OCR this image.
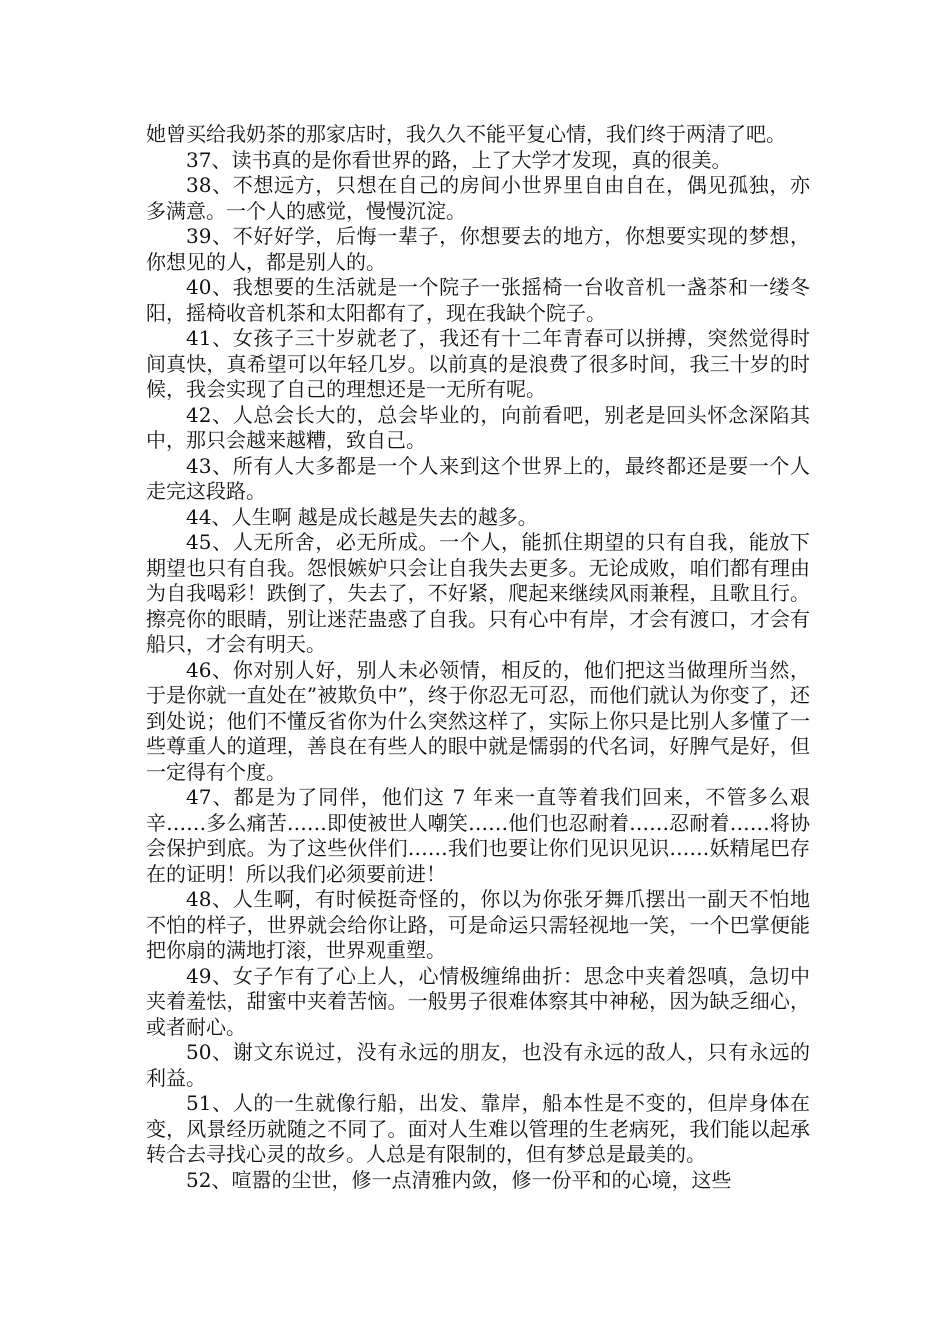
她曾买给我奶茶的那家店时，我久久不能平复心情，我们终于两清了吧。

37、读书真的是你看世界的路，上了大学才发现，真的很美。

38、不想远方，只想在自己的房间小世界里自由自在，偶见孤独，亦多满意。一个人的感觉，慢慢沉淀。

39、不好好学，后悔一辈子，你想要去的地方，你想要实现的梦想，你想见的人，都是别人的。

40、我想要的生活就是一个院子一张摇椅一台收音机一盏茶和一缕冬阳，摇椅收音机茶和太阳都有了，现在我缺个院子。

41、女孩子三十岁就老了，我还有十二年青春可以拼搏，突然觉得时间真快，真希望可以年轻几岁。以前真的是浪费了很多时间，我三十岁的时候，我会实现了自己的理想还是一无所有呢。

42、人总会长大的，总会毕业的，向前看吧，别老是回头怀念深陷其中，那只会越来越糟，致自己。

43、所有人大多都是一个人来到这个世界上的，最终都还是要一个人走完这段路。

44、人生啊 越是成长越是失去的越多。

45、人无所舍，必无所成。一个人，能抓住期望的只有自我，能放下期望也只有自我。怨恨嫉妒只会让自我失去更多。无论成败，咱们都有理由为自我喝彩！跌倒了，失去了，不好紧，爬起来继续风雨兼程，且歌且行。擦亮你的眼睛，别让迷茫蛊惑了自我。只有心中有岸，才会有渡口，才会有船只，才会有明天。

46、你对别人好，别人未必领情，相反的，他们把这当做理所当然，于是你就一直处在”被欺负中”，终于你忍无可忍，而他们就认为你变了，还到处说；他们不懂反省你为什么突然这样了，实际上你只是比别人多懂了一些尊重人的道理，善良在有些人的眼中就是懦弱的代名词，好脾气是好，但一定得有个度。

47、都是为了同伴，他们这 7 年来一直等着我们回来，不管多么艰辛……多么痛苦……即使被世人嘲笑……他们也忍耐着……忍耐着……将协会保护到底。为了这些伙伴们……我们也要让你们见识见识……妖精尾巴存在的证明！所以我们必须要前进！

48、人生啊，有时候挺奇怪的，你以为你张牙舞爪摆出一副天不怕地不怕的样子，世界就会给你让路，可是命运只需轻视地一笑，一个巴掌便能把你扇的满地打滚，世界观重塑。

49、女子乍有了心上人，心情极缠绵曲折：思念中夹着怨嗔，急切中夹着羞怯，甜蜜中夹着苦恼。一般男子很难体察其中神秘，因为缺乏细心，或者耐心。

50、谢文东说过，没有永远的朋友，也没有永远的敌人，只有永远的利益。

51、人的一生就像行船，出发、靠岸，船本性是不变的，但岸身体在变，风景经历就随之不同了。面对人生难以管理的生老病死，我们能以起承转合去寻找心灵的故乡。人总是有限制的，但有梦总是最美的。

52、喧嚣的尘世，修一点清雅内敛，修一份平和的心境，这些
